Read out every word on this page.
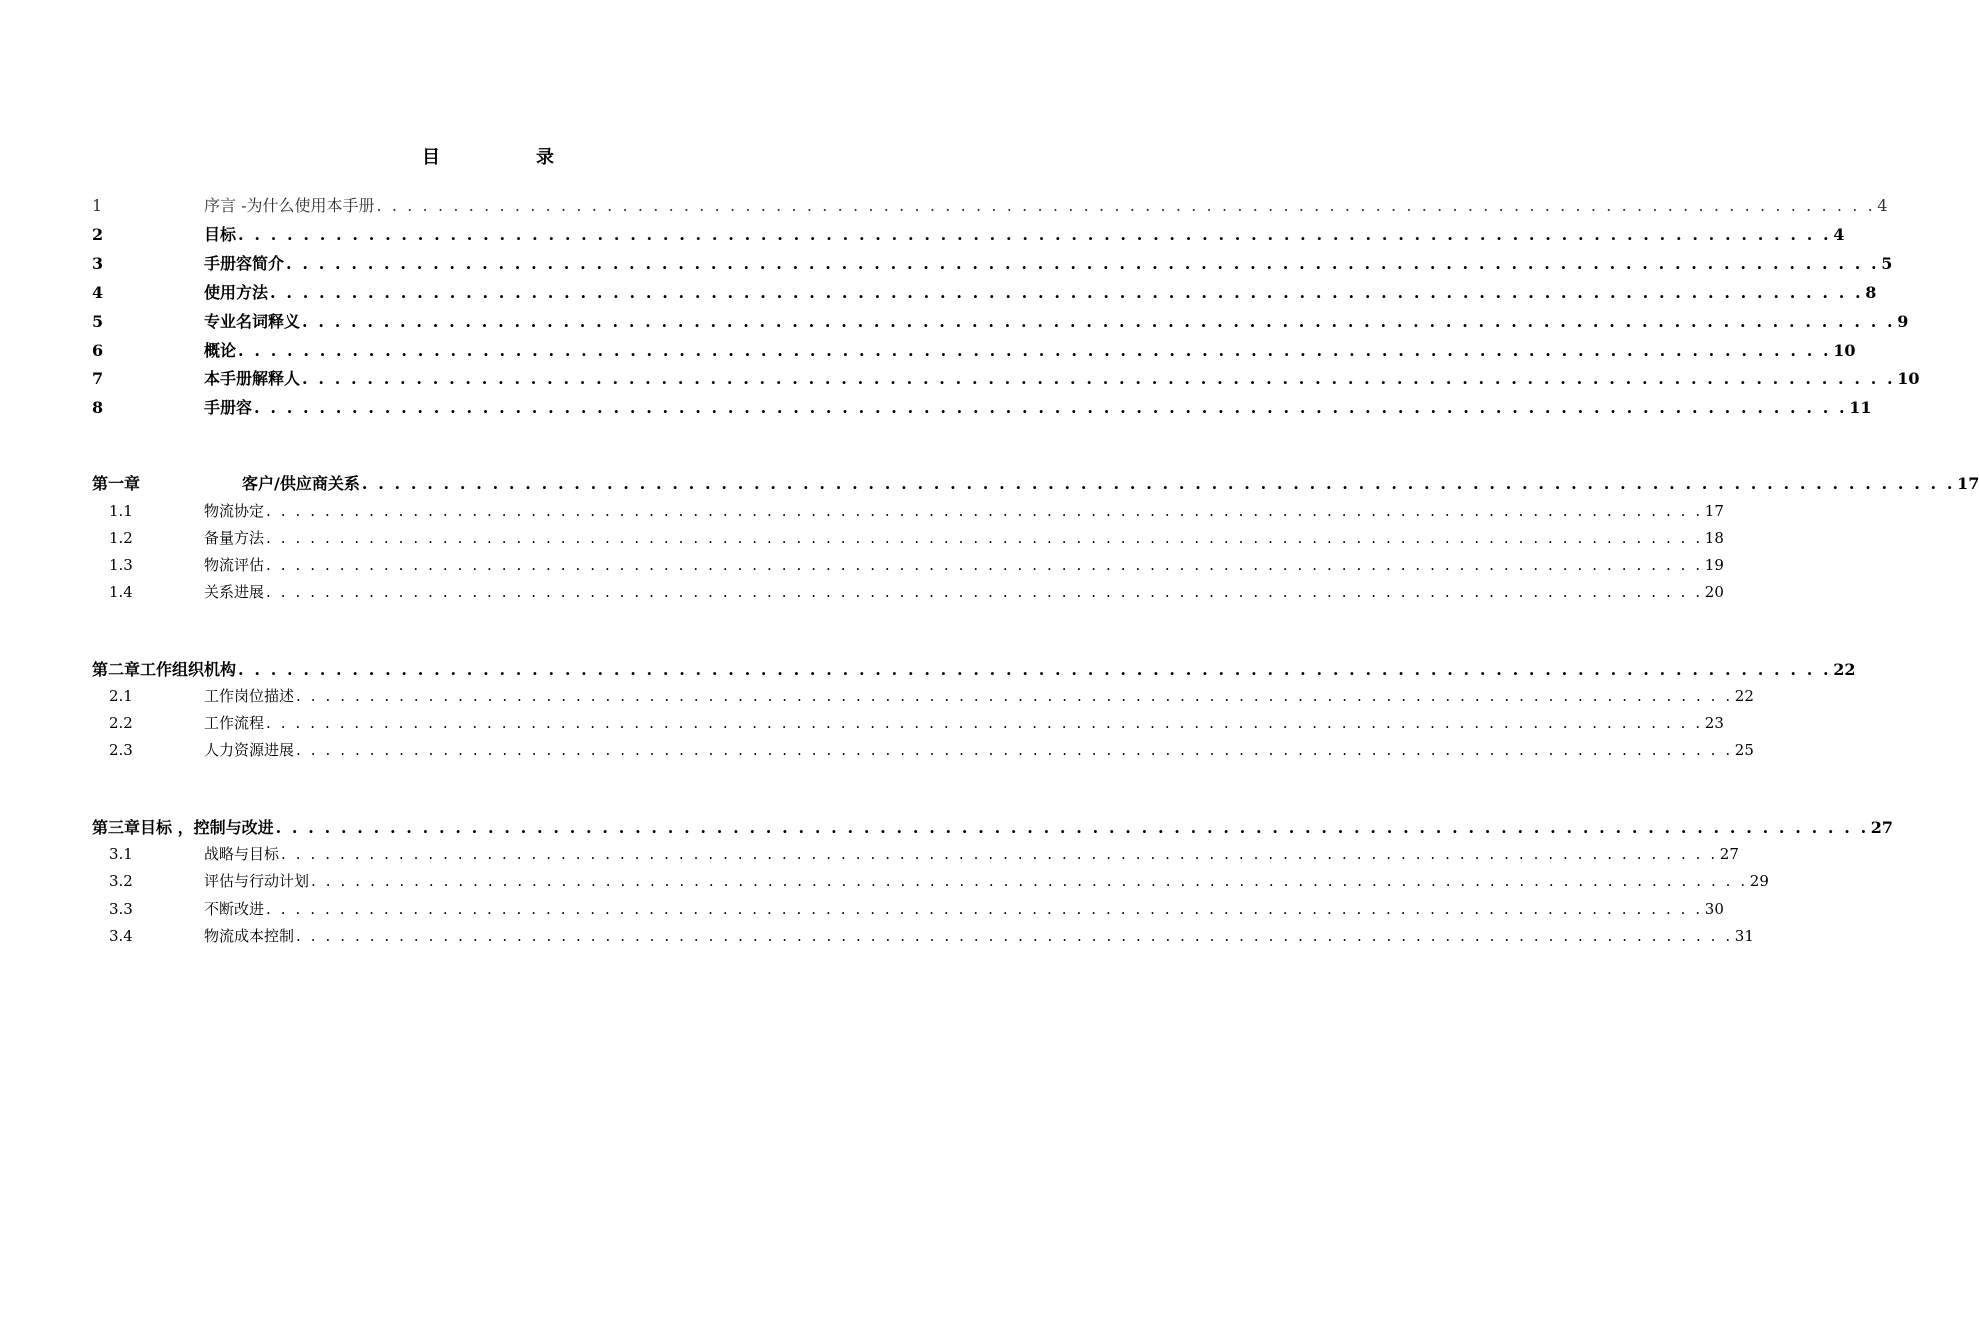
目	录
1	序言 -为什么使用本手册 . . . . . . . . . . . . . . . . . . . . . . . . . . . . . . . . . . . . . . . . . . . . . . . . . . . . . . . . . . . . . . . . . . . . . . . . . . . . . . . . . . . . . . . . . . . . . . . . . . 4
2	目标 . . . . . . . . . . . . . . . . . . . . . . . . . . . . . . . . . . . . . . . . . . . . . . . . . . . . . . . . . . . . . . . . . . . . . . . . . . . . . . . . . . . . . . . . . . . . . . . . . . 4
3	手册容简介 . . . . . . . . . . . . . . . . . . . . . . . . . . . . . . . . . . . . . . . . . . . . . . . . . . . . . . . . . . . . . . . . . . . . . . . . . . . . . . . . . . . . . . . . . . . . . . . . . . 5
4	使用方法 . . . . . . . . . . . . . . . . . . . . . . . . . . . . . . . . . . . . . . . . . . . . . . . . . . . . . . . . . . . . . . . . . . . . . . . . . . . . . . . . . . . . . . . . . . . . . . . . . . 8
5	专业名词释义 . . . . . . . . . . . . . . . . . . . . . . . . . . . . . . . . . . . . . . . . . . . . . . . . . . . . . . . . . . . . . . . . . . . . . . . . . . . . . . . . . . . . . . . . . . . . . . . . . . 9
6	概论 . . . . . . . . . . . . . . . . . . . . . . . . . . . . . . . . . . . . . . . . . . . . . . . . . . . . . . . . . . . . . . . . . . . . . . . . . . . . . . . . . . . . . . . . . . . . . . . . . . 10
7	本手册解释人 . . . . . . . . . . . . . . . . . . . . . . . . . . . . . . . . . . . . . . . . . . . . . . . . . . . . . . . . . . . . . . . . . . . . . . . . . . . . . . . . . . . . . . . . . . . . . . . . . . 10
8	手册容 . . . . . . . . . . . . . . . . . . . . . . . . . . . . . . . . . . . . . . . . . . . . . . . . . . . . . . . . . . . . . . . . . . . . . . . . . . . . . . . . . . . . . . . . . . . . . . . . . . 11
第一章	客户/供应商关系 . . . . . . . . . . . . . . . . . . . . . . . . . . . . . . . . . . . . . . . . . . . . . . . . . . . . . . . . . . . . . . . . . . . . . . . . . . . . . . . . . . . . . . . . . . . . . . . . . . 17
1.1	物流协定 . . . . . . . . . . . . . . . . . . . . . . . . . . . . . . . . . . . . . . . . . . . . . . . . . . . . . . . . . . . . . . . . . . . . . . . . . . . . . . . . . . . . . . . . . . . . . . . . . . 17
1.2	备量方法 . . . . . . . . . . . . . . . . . . . . . . . . . . . . . . . . . . . . . . . . . . . . . . . . . . . . . . . . . . . . . . . . . . . . . . . . . . . . . . . . . . . . . . . . . . . . . . . . . . 18
1.3	物流评估 . . . . . . . . . . . . . . . . . . . . . . . . . . . . . . . . . . . . . . . . . . . . . . . . . . . . . . . . . . . . . . . . . . . . . . . . . . . . . . . . . . . . . . . . . . . . . . . . . . 19
1.4	关系进展 . . . . . . . . . . . . . . . . . . . . . . . . . . . . . . . . . . . . . . . . . . . . . . . . . . . . . . . . . . . . . . . . . . . . . . . . . . . . . . . . . . . . . . . . . . . . . . . . . . 20
第二章工作组织机构 . . . . . . . . . . . . . . . . . . . . . . . . . . . . . . . . . . . . . . . . . . . . . . . . . . . . . . . . . . . . . . . . . . . . . . . . . . . . . . . . . . . . . . . . . . . . . . . . . . 22
2.1	工作岗位描述 . . . . . . . . . . . . . . . . . . . . . . . . . . . . . . . . . . . . . . . . . . . . . . . . . . . . . . . . . . . . . . . . . . . . . . . . . . . . . . . . . . . . . . . . . . . . . . . . . . 22
2.2	工作流程 . . . . . . . . . . . . . . . . . . . . . . . . . . . . . . . . . . . . . . . . . . . . . . . . . . . . . . . . . . . . . . . . . . . . . . . . . . . . . . . . . . . . . . . . . . . . . . . . . . 23
2.3	人力资源进展 . . . . . . . . . . . . . . . . . . . . . . . . . . . . . . . . . . . . . . . . . . . . . . . . . . . . . . . . . . . . . . . . . . . . . . . . . . . . . . . . . . . . . . . . . . . . . . . . . . 25
第三章目标 ，控制与改进 . . . . . . . . . . . . . . . . . . . . . . . . . . . . . . . . . . . . . . . . . . . . . . . . . . . . . . . . . . . . . . . . . . . . . . . . . . . . . . . . . . . . . . . . . . . . . . . . . . 27
3.1	战略与目标 . . . . . . . . . . . . . . . . . . . . . . . . . . . . . . . . . . . . . . . . . . . . . . . . . . . . . . . . . . . . . . . . . . . . . . . . . . . . . . . . . . . . . . . . . . . . . . . . . . 27
3.2	评估与行动计划 . . . . . . . . . . . . . . . . . . . . . . . . . . . . . . . . . . . . . . . . . . . . . . . . . . . . . . . . . . . . . . . . . . . . . . . . . . . . . . . . . . . . . . . . . . . . . . . . . . 29
3.3	不断改进 . . . . . . . . . . . . . . . . . . . . . . . . . . . . . . . . . . . . . . . . . . . . . . . . . . . . . . . . . . . . . . . . . . . . . . . . . . . . . . . . . . . . . . . . . . . . . . . . . . 30
3.4	物流成本控制 . . . . . . . . . . . . . . . . . . . . . . . . . . . . . . . . . . . . . . . . . . . . . . . . . . . . . . . . . . . . . . . . . . . . . . . . . . . . . . . . . . . . . . . . . . . . . . . . . . 31
